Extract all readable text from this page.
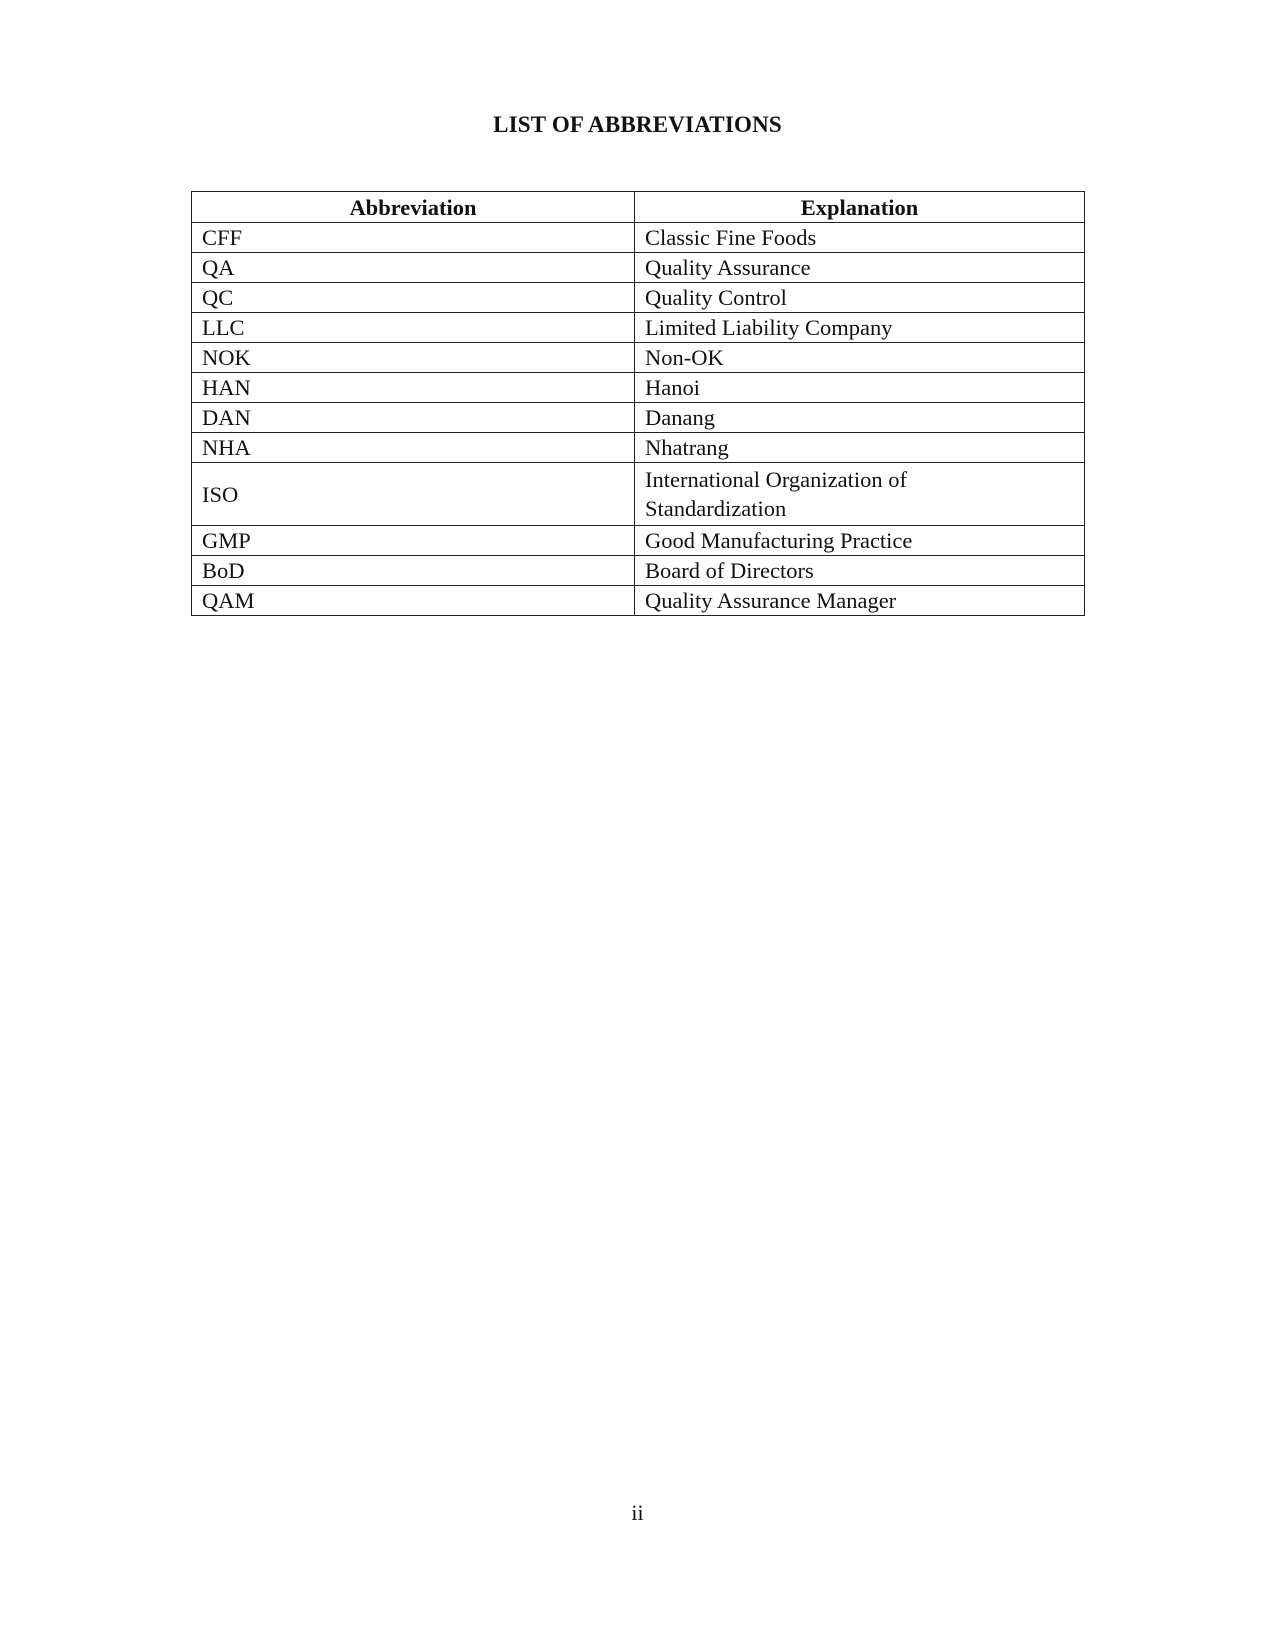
LIST OF ABBREVIATIONS
Abbreviation	Explanation
CFF	Classic Fine Foods
QA	Quality Assurance
QC	Quality Control
LLC	Limited Liability Company
NOK	Non-OK
HAN	Hanoi
DAN	Danang
NHA	Nhatrang
ISO	International Organization of Standardization
GMP	Good Manufacturing Practice
BoD	Board of Directors
QAM	Quality Assurance Manager
ii
